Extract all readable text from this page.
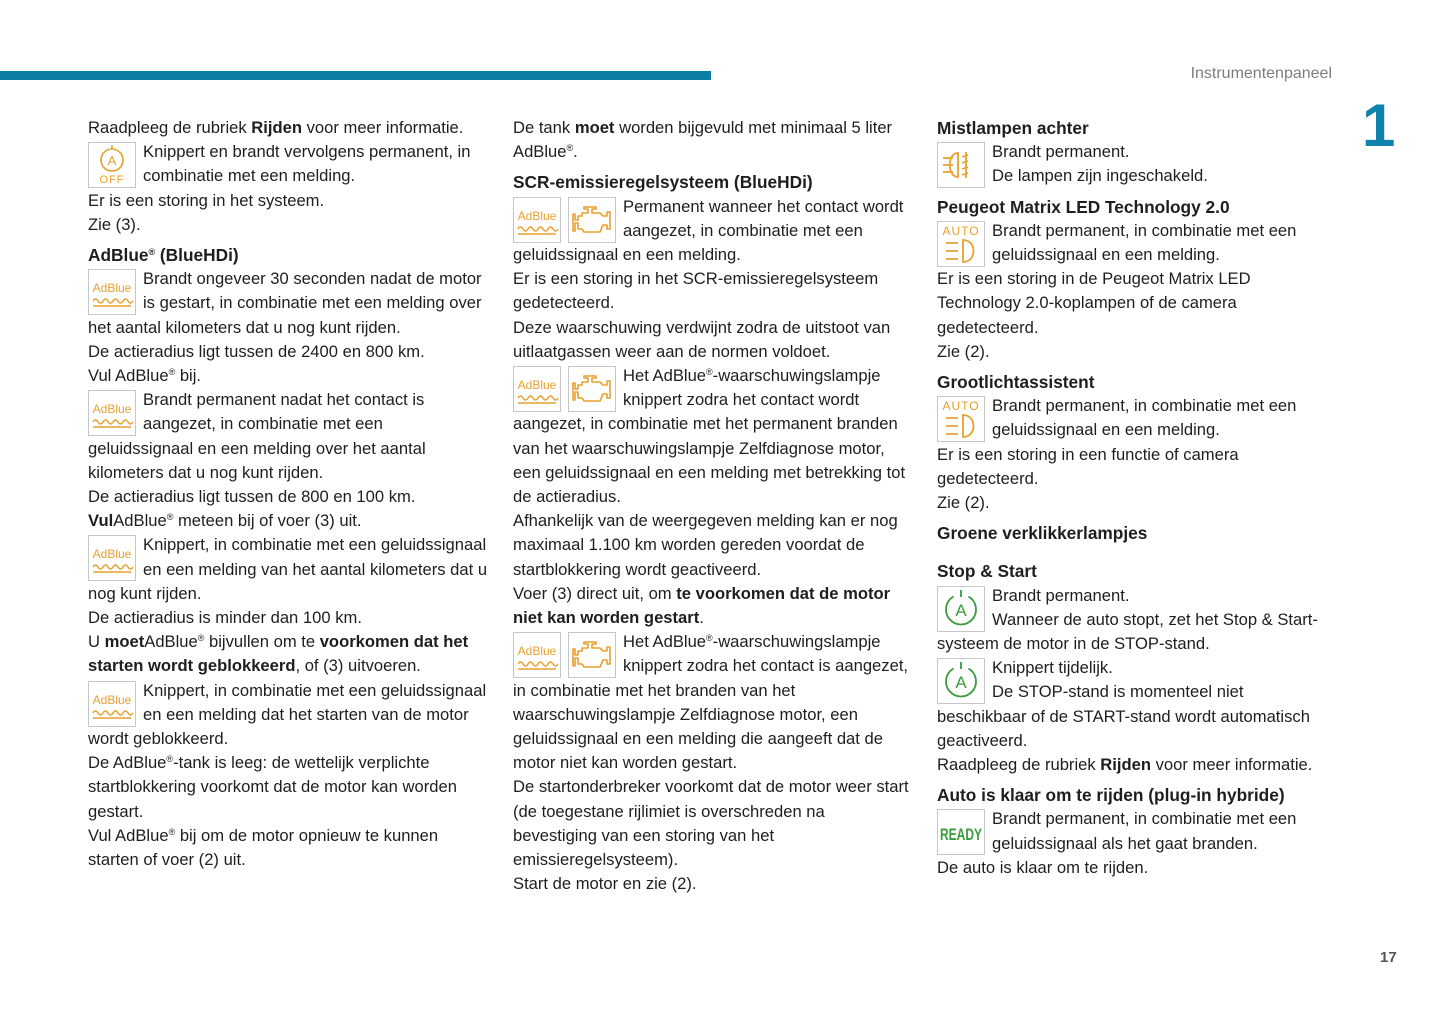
Instrumentenpaneel
1
17

Raadpleeg de rubriek Rijden voor meer informatie.

A
OFF
Knippert en brandt vervolgens permanent, in combinatie met een melding.

Er is een storing in het systeem.

Zie (3).

AdBlue® (BlueHDi)
AdBlue Brandt ongeveer 30 seconden nadat de motor is gestart, in combinatie met een melding over het aantal kilometers dat u nog kunt rijden.

De actieradius ligt tussen de 2400 en 800 km.

Vul AdBlue® bij.

AdBlue Brandt permanent nadat het contact is aangezet, in combinatie met een geluidssignaal en een melding over het aantal kilometers dat u nog kunt rijden.

De actieradius ligt tussen de 800 en 100 km.

VulAdBlue® meteen bij of voer (3) uit.

AdBlue Knippert, in combinatie met een geluidssignaal en een melding van het aantal kilometers dat u nog kunt rijden.

De actieradius is minder dan 100 km.

U moetAdBlue® bijvullen om te voorkomen dat het starten wordt geblokkeerd, of (3) uitvoeren.

AdBlue Knippert, in combinatie met een geluidssignaal en een melding dat het starten van de motor wordt geblokkeerd.

De AdBlue®-tank is leeg: de wettelijk verplichte startblokkering voorkomt dat de motor kan worden gestart.

Vul AdBlue® bij om de motor opnieuw te kunnen starten of voer (2) uit.

De tank moet worden bijgevuld met minimaal 5 liter AdBlue®.

SCR-emissieregelsysteem (BlueHDi)
AdBlue	Permanent wanneer het contact wordt aangezet, in combinatie met een geluidssignaal en een melding.

Er is een storing in het SCR-emissieregelsysteem gedetecteerd.

Deze waarschuwing verdwijnt zodra de uitstoot van uitlaatgassen weer aan de normen voldoet.

AdBlue	Het AdBlue®-waarschuwingslampje knippert zodra het contact wordt aangezet, in combinatie met het permanent branden van het waarschuwingslampje Zelfdiagnose motor, een geluidssignaal en een melding met betrekking tot de actieradius.

Afhankelijk van de weergegeven melding kan er nog maximaal 1.100 km worden gereden voordat de startblokkering wordt geactiveerd.

Voer (3) direct uit, om te voorkomen dat de motor niet kan worden gestart.

AdBlue	Het AdBlue®-waarschuwingslampje knippert zodra het contact is aangezet, in combinatie met het branden van het waarschuwingslampje Zelfdiagnose motor, een geluidssignaal en een melding die aangeeft dat de motor niet kan worden gestart.

De startonderbreker voorkomt dat de motor weer start (de toegestane rijlimiet is overschreden na bevestiging van een storing van het emissieregelsysteem).

Start de motor en zie (2).

Mistlampen achter
Brandt permanent.
De lampen zijn ingeschakeld.
Peugeot Matrix LED Technology 2.0
AUTO Brandt permanent, in combinatie met een geluidssignaal en een melding.

Er is een storing in de Peugeot Matrix LED Technology 2.0-koplampen of de camera gedetecteerd.

Zie (2).

Grootlichtassistent
AUTO Brandt permanent, in combinatie met een geluidssignaal en een melding.

Er is een storing in een functie of camera gedetecteerd.

Zie (2).

Groene verklikkerlampjes
Stop & Start
A
Brandt permanent.
Wanneer de auto stopt, zet het Stop & Start-systeem de motor in de STOP-stand.
A
Knippert tijdelijk.
De STOP-stand is momenteel niet beschikbaar of de START-stand wordt automatisch geactiveerd.

Raadpleeg de rubriek Rijden voor meer informatie.

Auto is klaar om te rijden (plug-in hybride)
READY
Brandt permanent, in combinatie met een geluidssignaal als het gaat branden.

De auto is klaar om te rijden.
